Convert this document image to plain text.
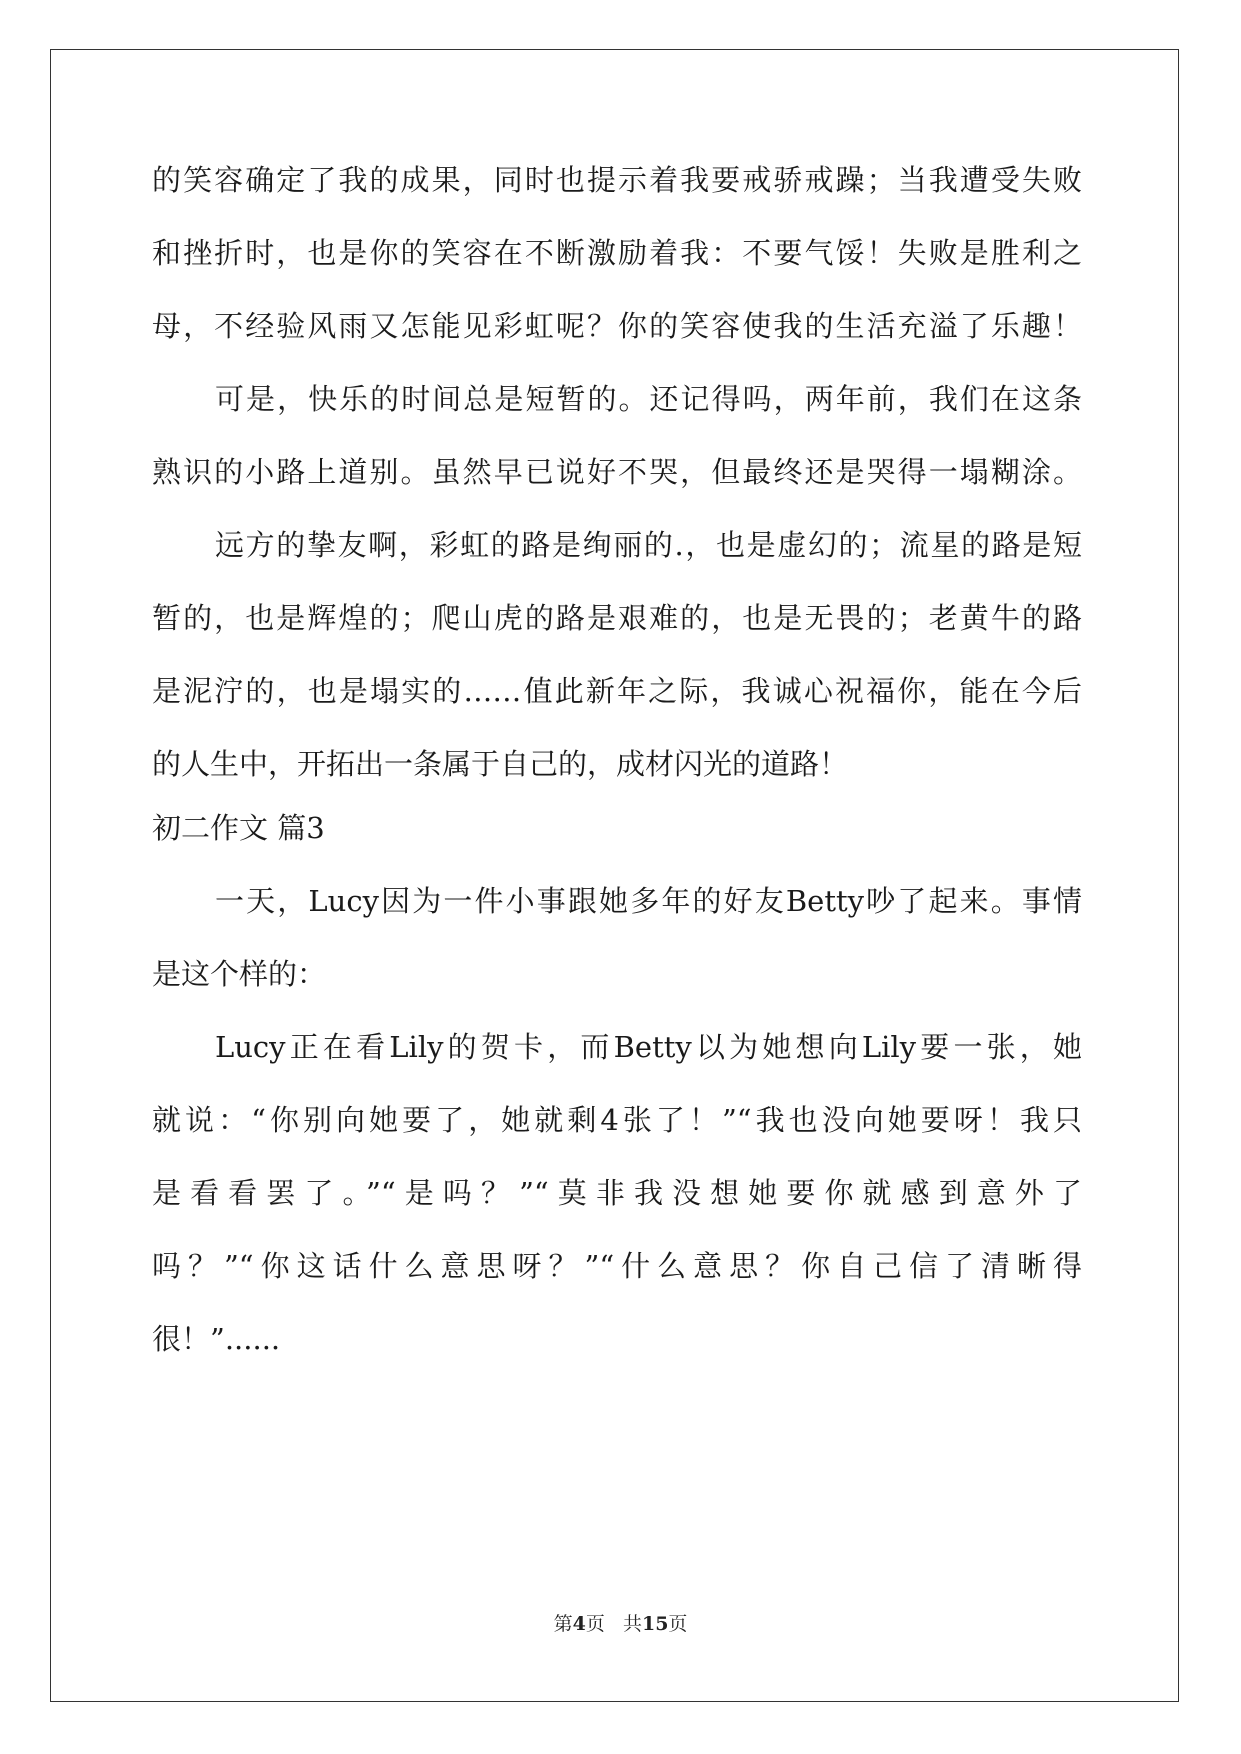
的笑容确定了我的成果，同时也提示着我要戒骄戒躁；当我遭受失败
和挫折时，也是你的笑容在不断激励着我：不要气馁！失败是胜利之
母，不经验风雨又怎能见彩虹呢？你的笑容使我的生活充溢了乐趣！
可是，快乐的时间总是短暂的。还记得吗，两年前，我们在这条
熟识的小路上道别。虽然早已说好不哭，但最终还是哭得一塌糊涂。
远方的挚友啊，彩虹的路是绚丽的.，也是虚幻的；流星的路是短
暂的，也是辉煌的；爬山虎的路是艰难的，也是无畏的；老黄牛的路
是泥泞的，也是塌实的……值此新年之际，我诚心祝福你，能在今后
的人生中，开拓出一条属于自己的，成材闪光的道路！
初二作文 篇3
一天，Lucy因为一件小事跟她多年的好友Betty吵了起来。事情
是这个样的：
Lucy正在看Lily的贺卡，而Betty以为她想向Lily要一张，她
就说：“你别向她要了，她就剩4张了！”“我也没向她要呀！我只
是看看罢了。”“是吗？”“莫非我没想她要你就感到意外了
吗？”“你这话什么意思呀？”“什么意思？你自己信了清晰得
很！”......
第4页 共15页
